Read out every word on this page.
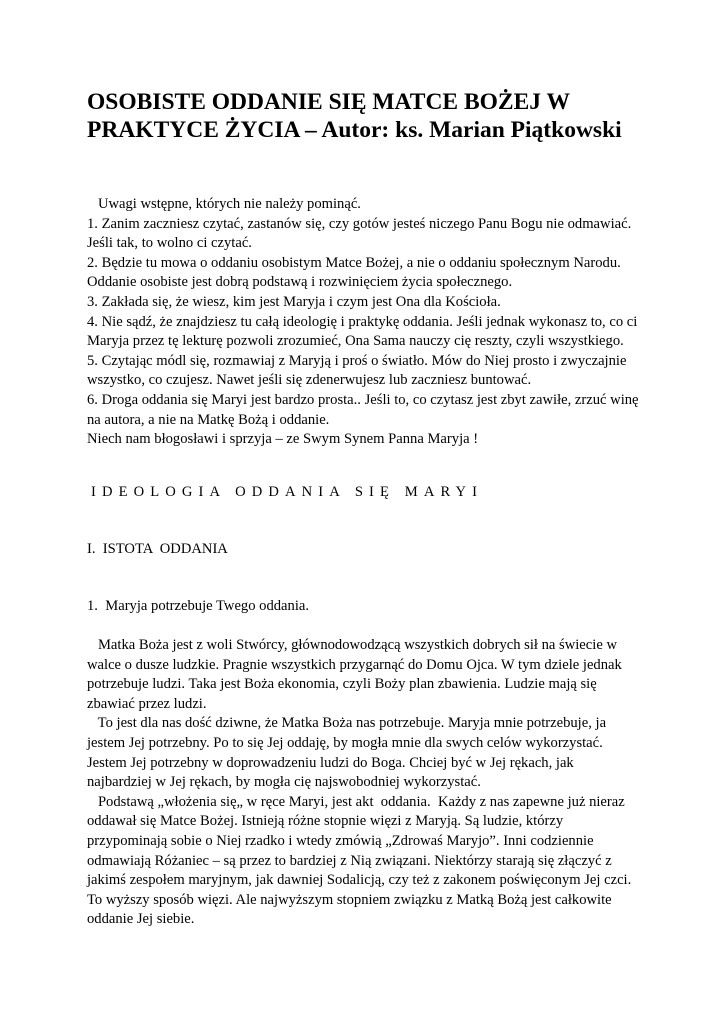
OSOBISTE ODDANIE SIĘ MATCE BOŻEJ W
PRAKTYCE ŻYCIA – Autor: ks. Marian Piątkowski

Uwagi wstępne, których nie należy pominąć.

1. Zanim zaczniesz czytać, zastanów się, czy gotów jesteś niczego Panu Bogu nie odmawiać.

Jeśli tak, to wolno ci czytać.

2. Będzie tu mowa o oddaniu osobistym Matce Bożej, a nie o oddaniu społecznym Narodu.

Oddanie osobiste jest dobrą podstawą i rozwinięciem życia społecznego.

3. Zakłada się, że wiesz, kim jest Maryja i czym jest Ona dla Kościoła.

4. Nie sądź, że znajdziesz tu całą ideologię i praktykę oddania. Jeśli jednak wykonasz to, co ci

Maryja przez tę lekturę pozwoli zrozumieć, Ona Sama nauczy cię reszty, czyli wszystkiego.

5. Czytając módl się, rozmawiaj z Maryją i proś o światło. Mów do Niej prosto i zwyczajnie

wszystko, co czujesz. Nawet jeśli się zdenerwujesz lub zaczniesz buntować.

6. Droga oddania się Maryi jest bardzo prosta.. Jeśli to, co czytasz jest zbyt zawiłe, zrzuć winę

na autora, a nie na Matkę Bożą i oddanie.

Niech nam błogosławi i sprzyja – ze Swym Synem Panna Maryja !

IDEOLOGIA ODDANIA SIĘ MARYI
I.  ISTOTA  ODDANIA
1.  Maryja potrzebuje Twego oddania.

Matka Boża jest z woli Stwórcy, głównodowodzącą wszystkich dobrych sił na świecie w

walce o dusze ludzkie. Pragnie wszystkich przygarnąć do Domu Ojca. W tym dziele jednak

potrzebuje ludzi. Taka jest Boża ekonomia, czyli Boży plan zbawienia. Ludzie mają się

zbawiać przez ludzi.

To jest dla nas dość dziwne, że Matka Boża nas potrzebuje. Maryja mnie potrzebuje, ja

jestem Jej potrzebny. Po to się Jej oddaję, by mogła mnie dla swych celów wykorzystać.

Jestem Jej potrzebny w doprowadzeniu ludzi do Boga. Chciej być w Jej rękach, jak

najbardziej w Jej rękach, by mogła cię najswobodniej wykorzystać.

Podstawą „włożenia się„ w ręce Maryi, jest akt  oddania.  Każdy z nas zapewne już nieraz

oddawał się Matce Bożej. Istnieją różne stopnie więzi z Maryją. Są ludzie, którzy

przypominają sobie o Niej rzadko i wtedy zmówią „Zdrowaś Maryjo”. Inni codziennie

odmawiają Różaniec – są przez to bardziej z Nią związani. Niektórzy starają się złączyć z

jakimś zespołem maryjnym, jak dawniej Sodalicją, czy też z zakonem poświęconym Jej czci.

To wyższy sposób więzi. Ale najwyższym stopniem związku z Matką Bożą jest całkowite

oddanie Jej siebie.
